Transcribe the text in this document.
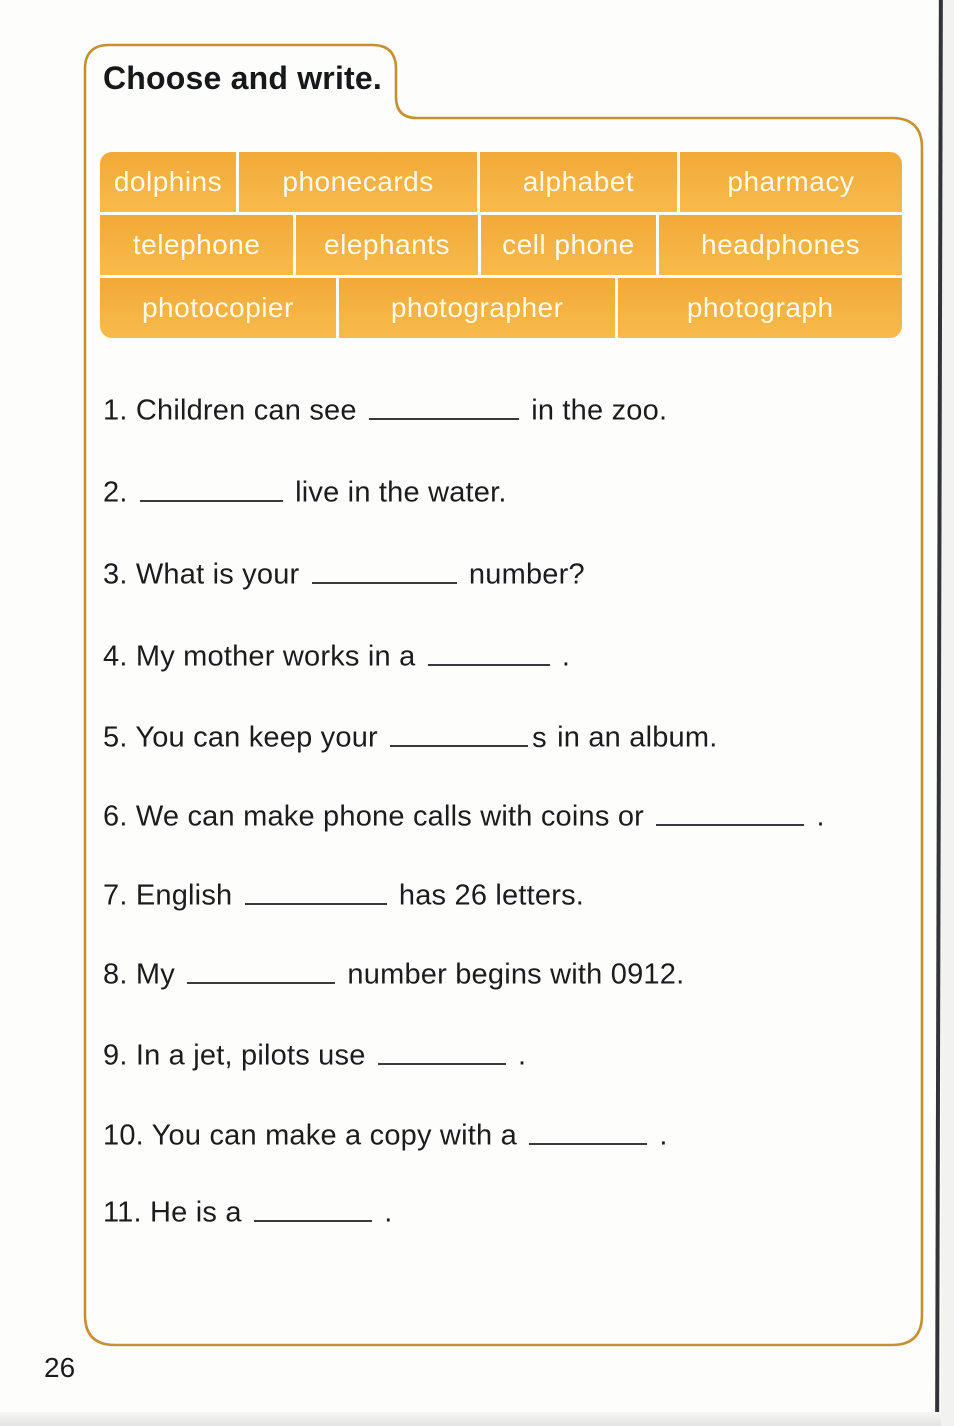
Choose and write.
dolphins	phonecards	alphabet	pharmacy
telephone	elephants	cell phone	headphones
photocopier	photographer	photograph
1. Children can see	in the zoo.
2.	live in the water.
3. What is your	number?
4. My mother works in a	.
5. You can keep your	s in an album.
6. We can make phone calls with coins or	.
7. English	has 26 letters.
8. My	number begins with 0912.
9. In a jet, pilots use	.
10. You can make a copy with a	.
11. He is a	.
26
